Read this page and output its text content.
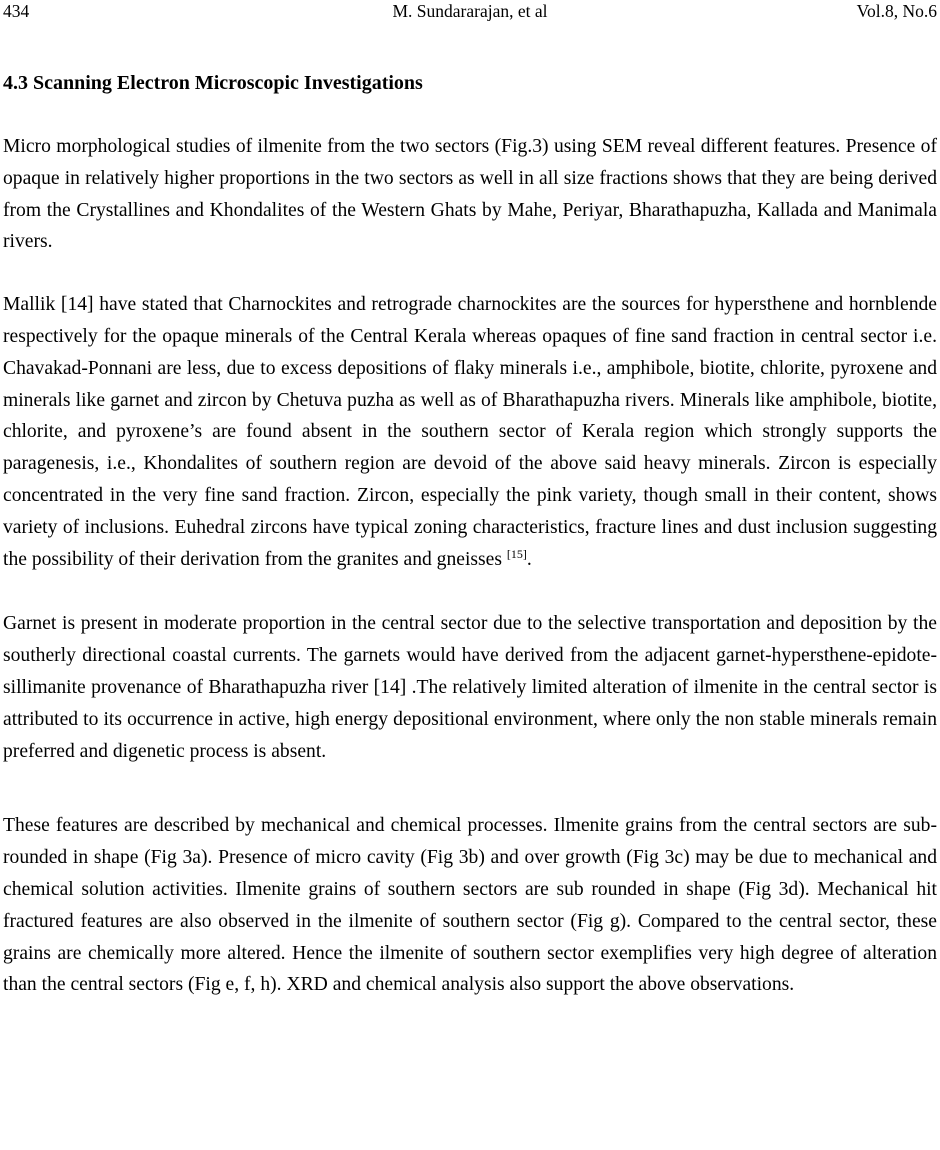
434	M. Sundararajan, et al	Vol.8, No.6
4.3 Scanning Electron Microscopic Investigations

Micro morphological studies of ilmenite from the two sectors (Fig.3) using SEM reveal different features. Presence of opaque in relatively higher proportions in the two sectors as well in all size fractions shows that they are being derived from the Crystallines and Khondalites of the Western Ghats by Mahe, Periyar, Bharathapuzha, Kallada and Manimala rivers.

Mallik [14] have stated that Charnockites and retrograde charnockites are the sources for hypersthene and hornblende respectively for the opaque minerals of the Central Kerala whereas opaques of fine sand fraction in central sector i.e. Chavakad-Ponnani are less, due to excess depositions of flaky minerals i.e., amphibole, biotite, chlorite, pyroxene and minerals like garnet and zircon by Chetuva puzha as well as of Bharathapuzha rivers. Minerals like amphibole, biotite, chlorite, and pyroxene’s are found absent in the southern sector of Kerala region which strongly supports the paragenesis, i.e., Khondalites of southern region are devoid of the above said heavy minerals. Zircon is especially concentrated in the very fine sand fraction. Zircon, especially the pink variety, though small in their content, shows variety of inclusions. Euhedral zircons have typical zoning characteristics, fracture lines and dust inclusion suggesting the possibility of their derivation from the granites and gneisses [15].

Garnet is present in moderate proportion in the central sector due to the selective transportation and deposition by the southerly directional coastal currents. The garnets would have derived from the adjacent garnet-hypersthene-epidote-sillimanite provenance of Bharathapuzha river [14] .The relatively limited alteration of ilmenite in the central sector is attributed to its occurrence in active, high energy depositional environment, where only the non stable minerals remain preferred and digenetic process is absent.

These features are described by mechanical and chemical processes. Ilmenite grains from the central sectors are sub-rounded in shape (Fig 3a). Presence of micro cavity (Fig 3b) and over growth (Fig 3c) may be due to mechanical and chemical solution activities. Ilmenite grains of southern sectors are sub rounded in shape (Fig 3d). Mechanical hit fractured features are also observed in the ilmenite of southern sector (Fig g). Compared to the central sector, these grains are chemically more altered. Hence the ilmenite of southern sector exemplifies very high degree of alteration than the central sectors (Fig e, f, h). XRD and chemical analysis also support the above observations.
